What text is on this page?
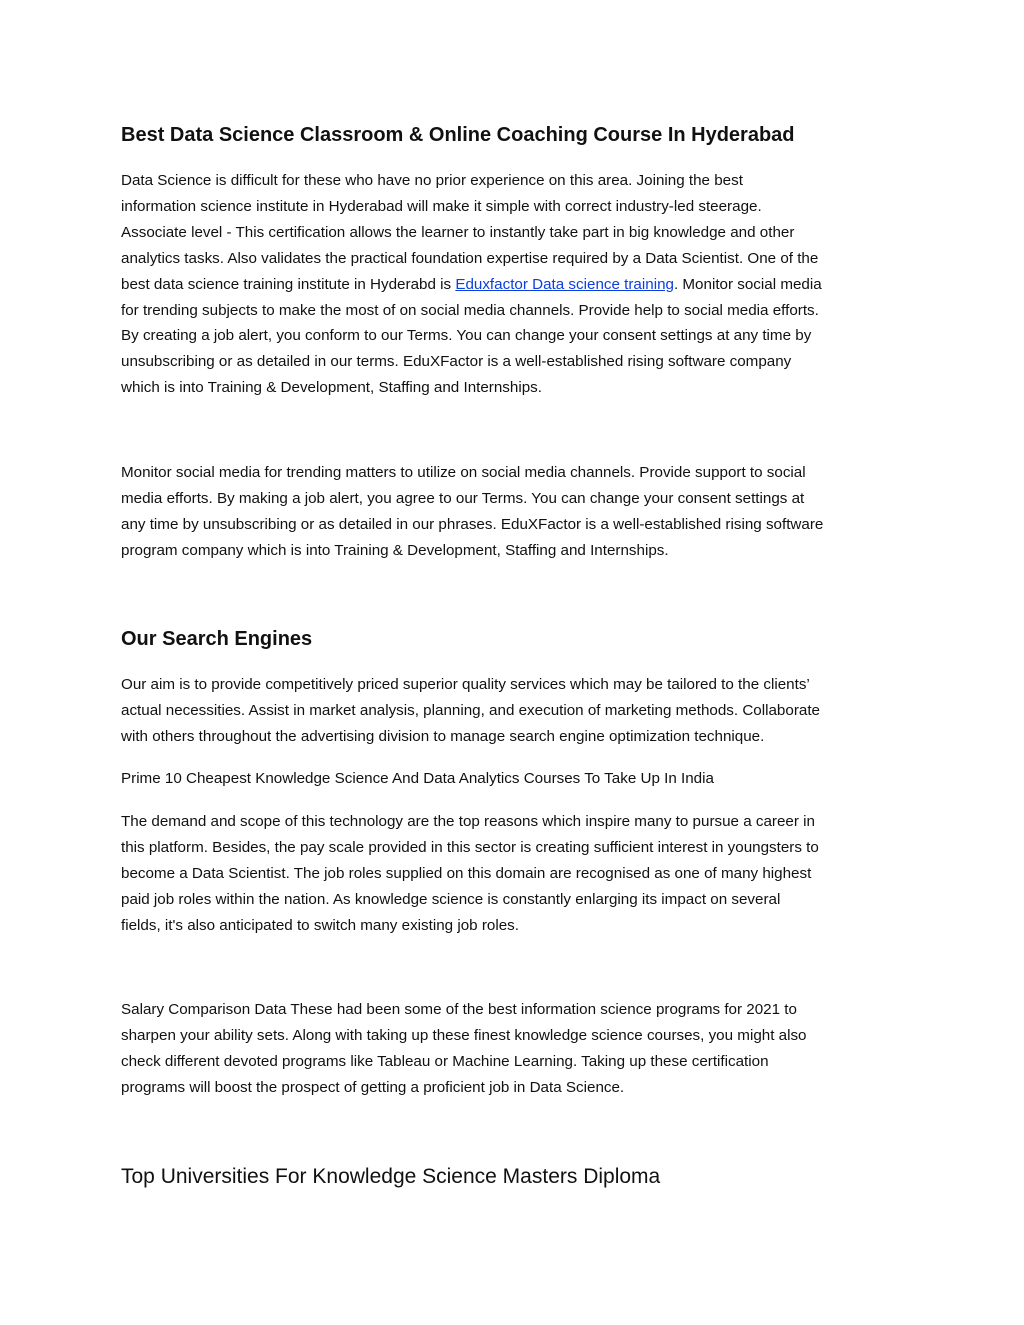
Best Data Science Classroom & Online Coaching Course In Hyderabad

Data Science is difficult for these who have no prior experience on this area. Joining the best
information science institute in Hyderabad will make it simple with correct industry-led steerage.
Associate level - This certification allows the learner to instantly take part in big knowledge and other
analytics tasks. Also validates the practical foundation expertise required by a Data Scientist. One of the
best data science training institute in Hyderabd is Eduxfactor Data science training. Monitor social media
for trending subjects to make the most of on social media channels. Provide help to social media efforts.
By creating a job alert, you conform to our Terms. You can change your consent settings at any time by
unsubscribing or as detailed in our terms. EduXFactor is a well-established rising software company
which is into Training & Development, Staffing and Internships.

Monitor social media for trending matters to utilize on social media channels. Provide support to social
media efforts. By making a job alert, you agree to our Terms. You can change your consent settings at
any time by unsubscribing or as detailed in our phrases. EduXFactor is a well-established rising software
program company which is into Training & Development, Staffing and Internships.

Our Search Engines

Our aim is to provide competitively priced superior quality services which may be tailored to the clients’
actual necessities. Assist in market analysis, planning, and execution of marketing methods. Collaborate
with others throughout the advertising division to manage search engine optimization technique.

Prime 10 Cheapest Knowledge Science And Data Analytics Courses To Take Up In India

The demand and scope of this technology are the top reasons which inspire many to pursue a career in
this platform. Besides, the pay scale provided in this sector is creating sufficient interest in youngsters to
become a Data Scientist. The job roles supplied on this domain are recognised as one of many highest
paid job roles within the nation. As knowledge science is constantly enlarging its impact on several
fields, it's also anticipated to switch many existing job roles.

Salary Comparison Data These had been some of the best information science programs for 2021 to
sharpen your ability sets. Along with taking up these finest knowledge science courses, you might also
check different devoted programs like Tableau or Machine Learning. Taking up these certification
programs will boost the prospect of getting a proficient job in Data Science.

Top Universities For Knowledge Science Masters Diploma
